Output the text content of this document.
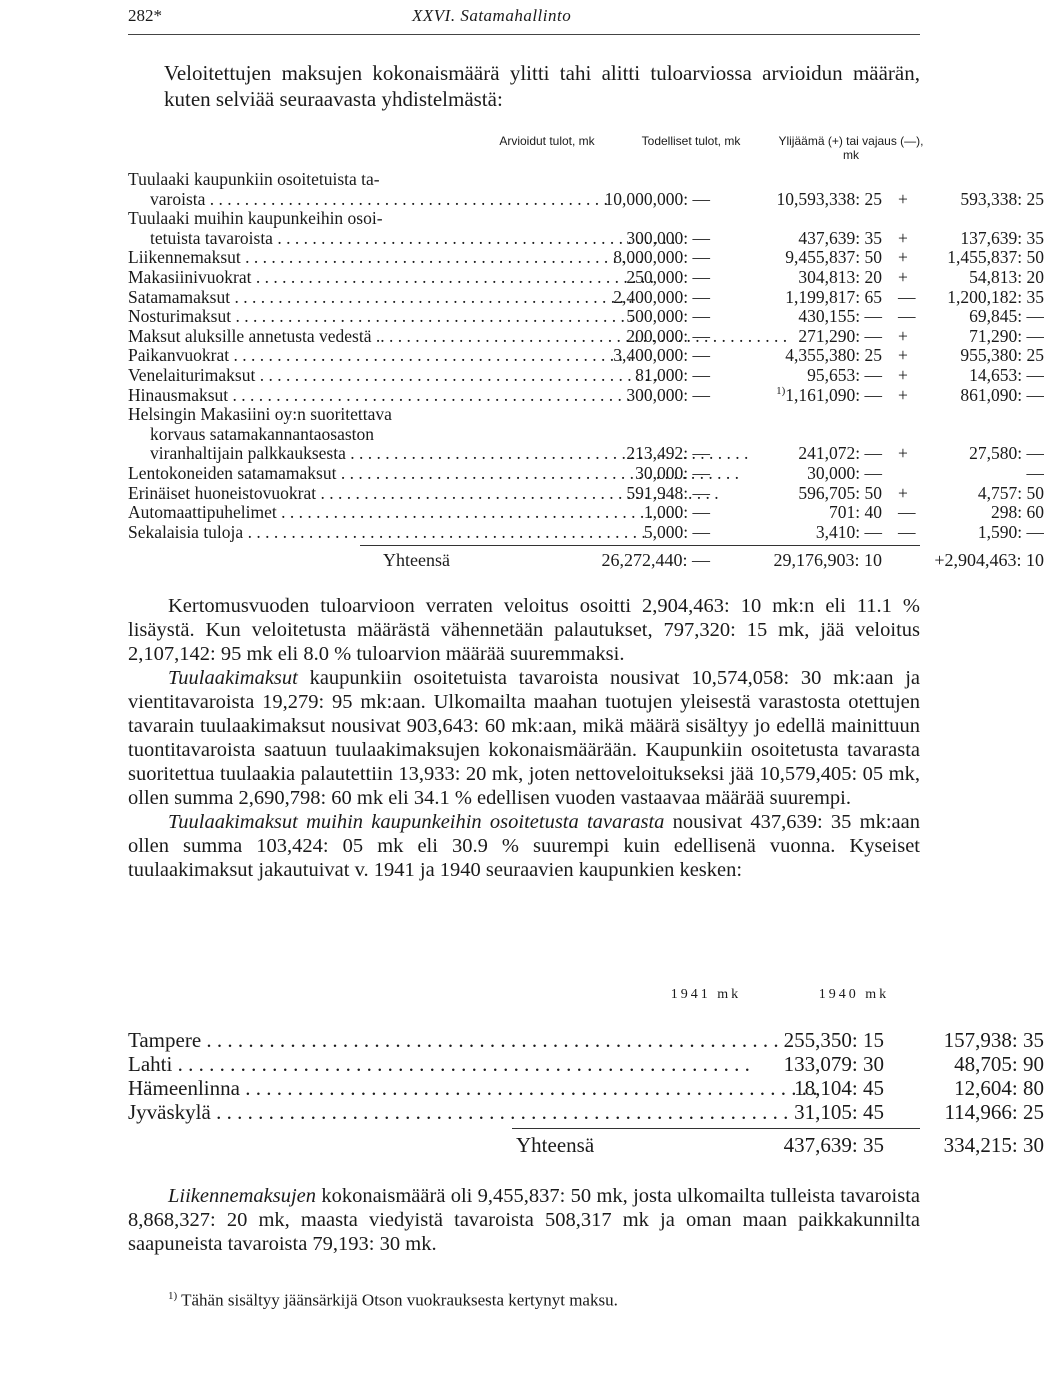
282*	XXVI. Satamahallinto

Veloitettujen maksujen kokonaismäärä ylitti tahi alitti tuloarviossa arvioidun määrän, kuten selviää seuraavasta yhdistelmästä:

Arvioidut tulot, mk	Todelliset tulot, mk	Ylijäämä (+) tai vajaus (—), mk
Tuulaaki kaupunkiin osoitetuista ta-
varoista . . .	10,000,000: —	10,593,338: 25 +	593,338: 25
Tuulaaki muihin kaupunkeihin osoi-
tetuista tavaroista . . .	300,000: —	437,639: 35 +	137,639: 35
Liikennemaksut . . .	8,000,000: —	9,455,837: 50 +	1,455,837: 50
Makasiinivuokrat . . .	250,000: —	304,813: 20 +	54,813: 20
Satamamaksut . . .	2,400,000: —	1,199,817: 65 —	1,200,182: 35
Nosturimaksut . . .	500,000: —	430,155: — —	69,845: —
Maksut aluksille annetusta vedestä .. . . .	200,000: —	271,290: — +	71,290: —
Paikanvuokrat . . .	3,400,000: —	4,355,380: 25 +	955,380: 25
Venelaiturimaksut . . .	81,000: —	95,653: — +	14,653: —
Hinausmaksut . . .	300,000: —	$^{1)}$1,161,090: — +	861,090: —
Helsingin Makasiini oy:n suoritettava
korvaus satamakannantaosaston
viranhaltijain palkkauksesta . . .	213,492: —	241,072: — +	27,580: —
Lentokoneiden satamamaksut . . .	30,000: —	30,000: —	—
Erinäiset huoneistovuokrat . . .	591,948: —	596,705: 50 +	4,757: 50
Automaattipuhelimet . . .	1,000: —	701: 40 —	298: 60
Sekalaisia tuloja . . .	5,000: —	3,410: — —	1,590: —
Yhteensä	26,272,440: —	29,176,903: 10	+2,904,463: 10

Kertomusvuoden tuloarvioon verraten veloitus osoitti 2,904,463: 10 mk:n eli 11.1 % lisäystä. Kun veloitetusta määrästä vähennetään palautukset, 797,320: 15 mk, jää veloitus 2,107,142: 95 mk eli 8.0 % tuloarvion määrää suuremmaksi.

Tuulaakimaksut kaupunkiin osoitetuista tavaroista nousivat 10,574,058: 30 mk:aan ja vientitavaroista 19,279: 95 mk:aan. Ulkomailta maahan tuotujen yleisestä varastosta otettujen tavarain tuulaakimaksut nousivat 903,643: 60 mk:aan, mikä määrä sisältyy jo edellä mainittuun tuontitavaroista saatuun tuulaakimaksujen kokonaismäärään. Kaupunkiin osoitetusta tavarasta suoritettua tuulaakia palautettiin 13,933: 20 mk, joten nettoveloitukseksi jää 10,579,405: 05 mk, ollen summa 2,690,798: 60 mk eli 34.1 % edellisen vuoden vastaavaa määrää suurempi.

Tuulaakimaksut muihin kaupunkeihin osoitetusta tavarasta nousivat 437,639: 35 mk:aan ollen summa 103,424: 05 mk eli 30.9 % suurempi kuin edellisenä vuonna. Kyseiset tuulaakimaksut jakautuivat v. 1941 ja 1940 seuraavien kaupunkien kesken:

1941 mk	1940 mk
Tampere . . .	255,350: 15	157,938: 35
Lahti . . .	133,079: 30	48,705: 90
Hämeenlinna . . .	18,104: 45	12,604: 80
Jyväskylä . . .	31,105: 45	114,966: 25
Yhteensä	437,639: 35	334,215: 30

Liikennemaksujen kokonaismäärä oli 9,455,837: 50 mk, josta ulkomailta tulleista tavaroista 8,868,327: 20 mk, maasta viedyistä tavaroista 508,317 mk ja oman maan paikkakunnilta saapuneista tavaroista 79,193: 30 mk.

$^{1)}$ Tähän sisältyy jäänsärkijä Otson vuokrauksesta kertynyt maksu.
